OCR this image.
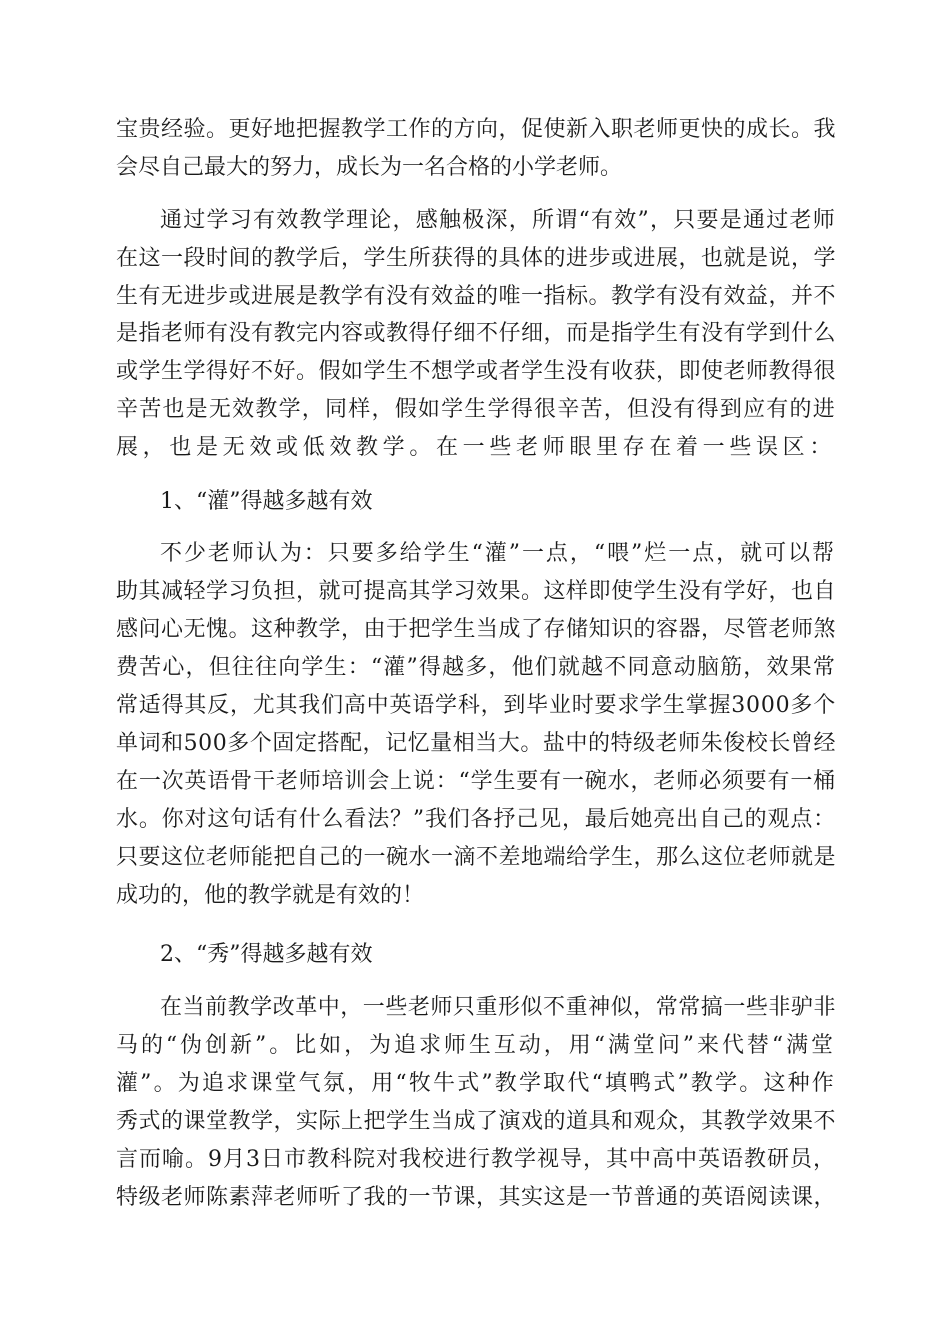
宝贵经验。更好地把握教学工作的方向，促使新入职老师更快的成长。我

会尽自己最大的努力，成长为一名合格的小学老师。

通过学习有效教学理论，感触极深，所谓“有效”，只要是通过老师

在这一段时间的教学后，学生所获得的具体的进步或进展，也就是说，学

生有无进步或进展是教学有没有效益的唯一指标。教学有没有效益，并不

是指老师有没有教完内容或教得仔细不仔细，而是指学生有没有学到什么

或学生学得好不好。假如学生不想学或者学生没有收获，即使老师教得很

辛苦也是无效教学，同样，假如学生学得很辛苦，但没有得到应有的进

展，也是无效或低效教学。在一些老师眼里存在着一些误区：

1、“灌”得越多越有效

不少老师认为：只要多给学生“灌”一点，“喂”烂一点，就可以帮

助其减轻学习负担，就可提高其学习效果。这样即使学生没有学好，也自

感问心无愧。这种教学，由于把学生当成了存储知识的容器，尽管老师煞

费苦心，但往往向学生：“灌”得越多，他们就越不同意动脑筋，效果常

常适得其反，尤其我们高中英语学科，到毕业时要求学生掌握3000多个

单词和500多个固定搭配，记忆量相当大。盐中的特级老师朱俊校长曾经

在一次英语骨干老师培训会上说：“学生要有一碗水，老师必须要有一桶

水。你对这句话有什么看法？”我们各抒己见，最后她亮出自己的观点：

只要这位老师能把自己的一碗水一滴不差地端给学生，那么这位老师就是

成功的，他的教学就是有效的！

2、“秀”得越多越有效

在当前教学改革中，一些老师只重形似不重神似，常常搞一些非驴非

马的“伪创新”。比如，为追求师生互动，用“满堂问”来代替“满堂

灌”。为追求课堂气氛，用“牧牛式”教学取代“填鸭式”教学。这种作

秀式的课堂教学，实际上把学生当成了演戏的道具和观众，其教学效果不

言而喻。9月3日市教科院对我校进行教学视导，其中高中英语教研员，

特级老师陈素萍老师听了我的一节课，其实这是一节普通的英语阅读课，
